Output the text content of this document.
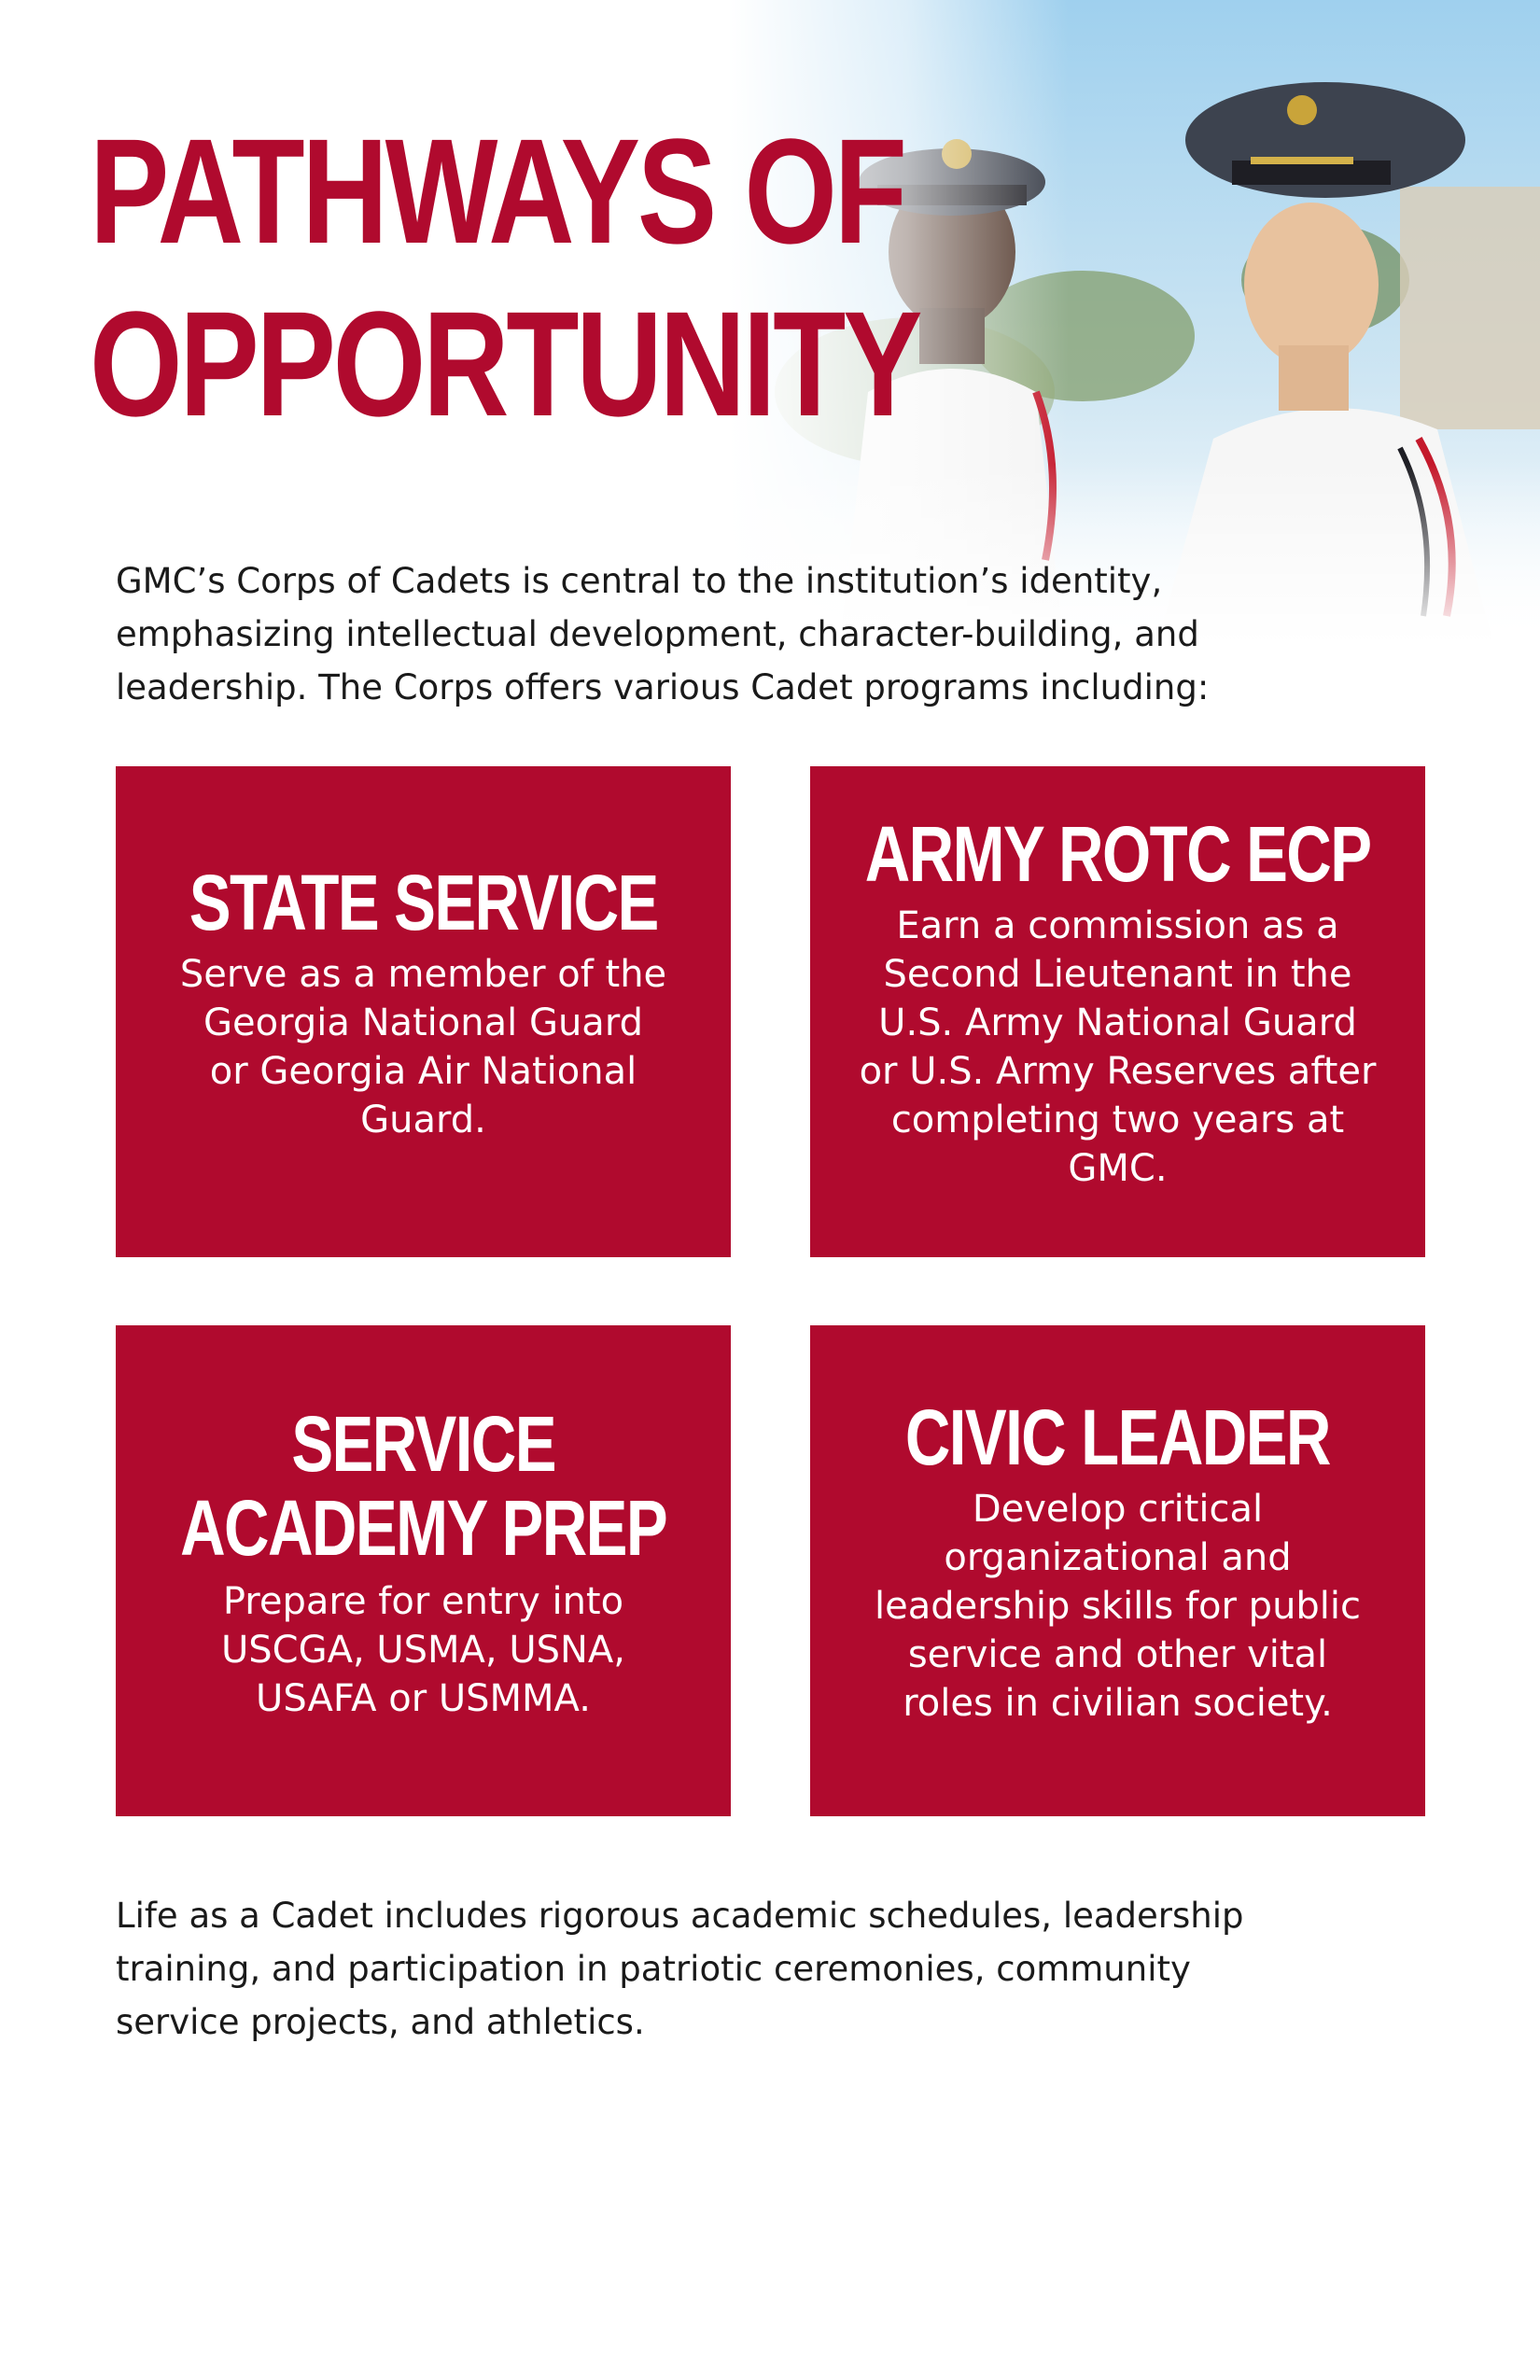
PATHWAYS OF
OPPORTUNITY

GMC’s Corps of Cadets is central to the institution’s identity,
emphasizing intellectual development, character-building, and
leadership. The Corps offers various Cadet programs including:

STATE SERVICE
Serve as a member of the
Georgia National Guard
or Georgia Air National
Guard.
ARMY ROTC ECP
Earn a commission as a
Second Lieutenant in the
U.S. Army National Guard
or U.S. Army Reserves after
completing two years at
GMC.
SERVICE
ACADEMY PREP
Prepare for entry into
USCGA, USMA, USNA,
USAFA or USMMA.
CIVIC LEADER
Develop critical
organizational and
leadership skills for public
service and other vital
roles in civilian society.

Life as a Cadet includes rigorous academic schedules, leadership
training, and participation in patriotic ceremonies, community
service projects, and athletics.
